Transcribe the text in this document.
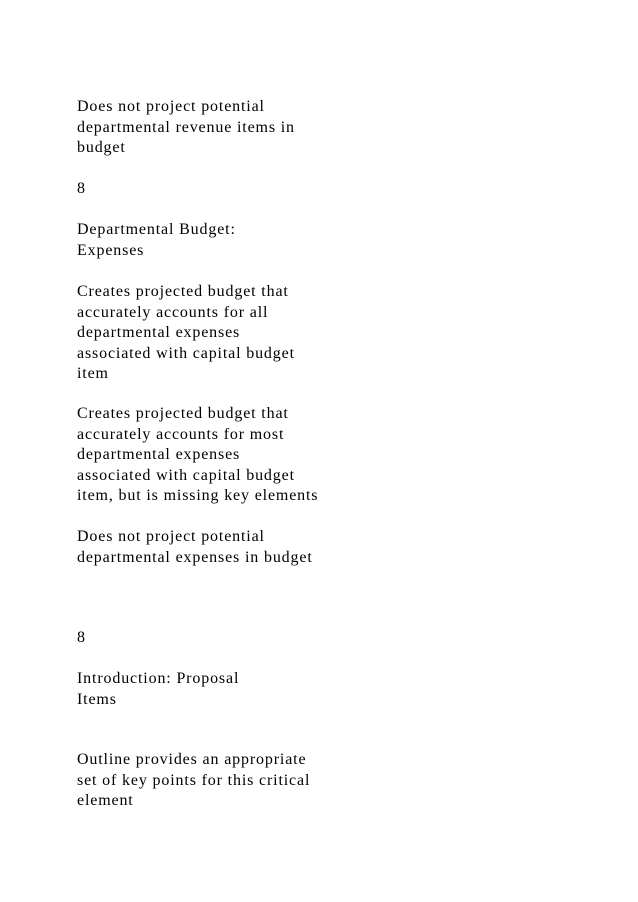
Does not project potential
departmental revenue items in
budget

8

Departmental Budget:
Expenses

Creates projected budget that
accurately accounts for all
departmental expenses
associated with capital budget
item

Creates projected budget that
accurately accounts for most
departmental expenses
associated with capital budget
item, but is missing key elements

Does not project potential
departmental expenses in budget

8

Introduction: Proposal
Items

Outline provides an appropriate
set of key points for this critical
element
